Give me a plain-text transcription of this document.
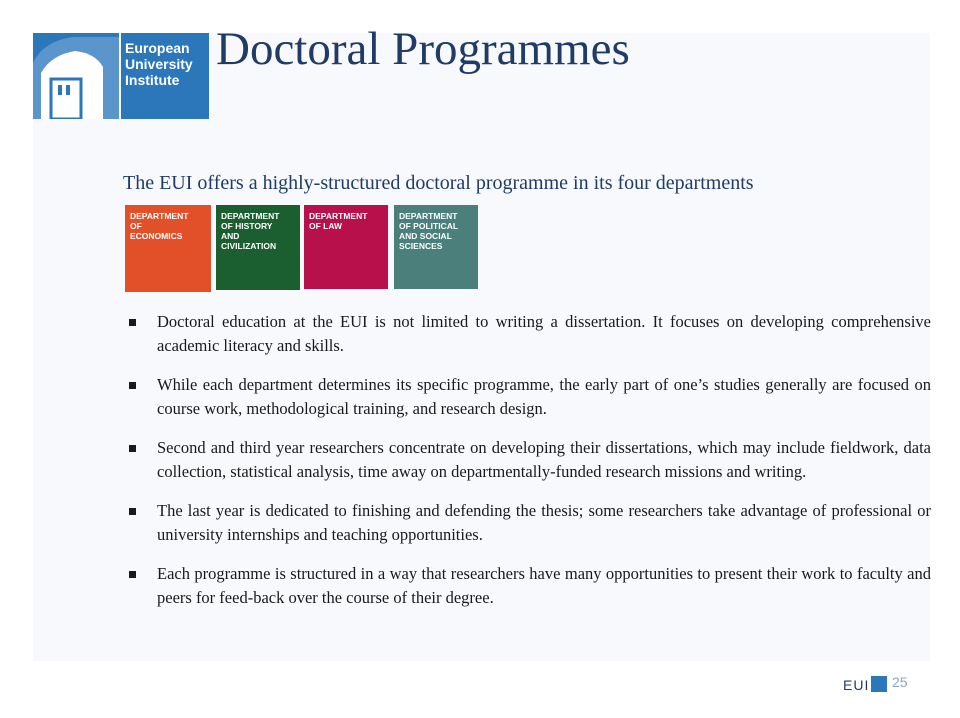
European
University
Institute
Doctoral Programmes
The EUI offers a highly-structured doctoral programme in its four departments
DEPARTMENT
OF
ECONOMICS
DEPARTMENT
OF HISTORY
AND
CIVILIZATION
DEPARTMENT
OF LAW
DEPARTMENT
OF POLITICAL
AND SOCIAL
SCIENCES
Doctoral education at the EUI is not limited to writing a dissertation. It focuses on developing comprehensive academic literacy and skills.
While each department determines its specific programme, the early part of one’s studies generally are focused on course work, methodological training, and research design.
Second and third year researchers concentrate on developing their dissertations, which may include fieldwork, data collection, statistical analysis, time away on departmentally-funded research missions and writing.
The last year is dedicated to finishing and defending the thesis; some researchers take advantage of professional or university internships and teaching opportunities.
Each programme is structured in a way that researchers have many opportunities to present their work to faculty and peers for feed-back over the course of their degree.
EUI 25
